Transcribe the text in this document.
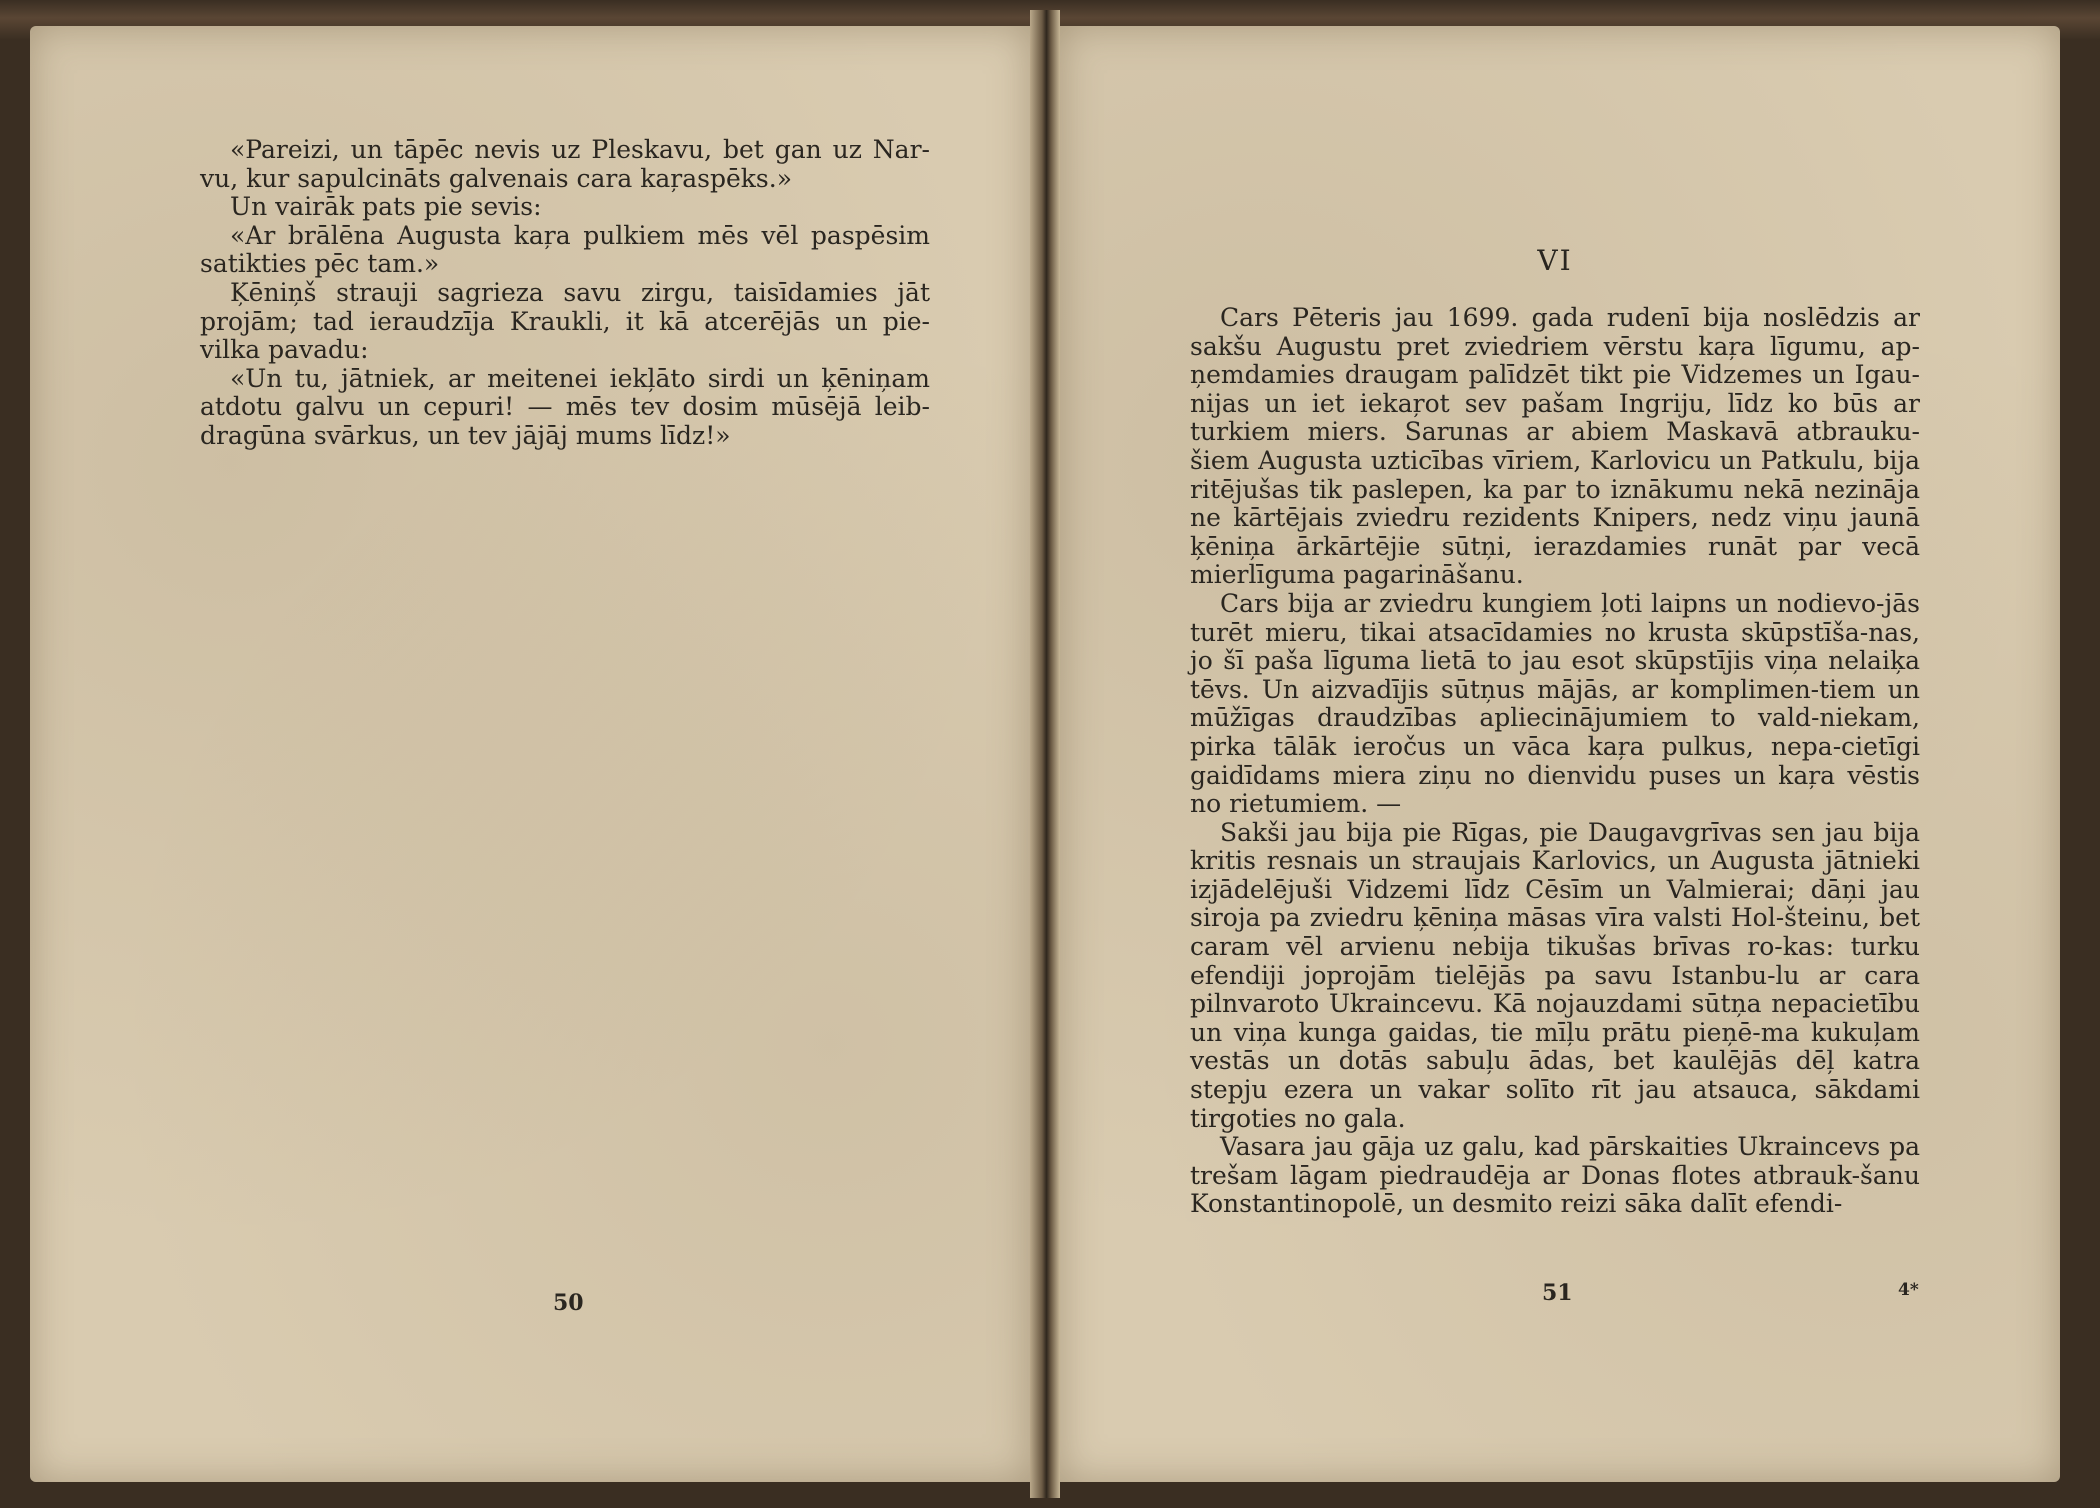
«Pareizi, un tāpēc nevis uz Pleskavu, bet gan uz Nar-vu, kur sapulcināts galvenais cara kaŗaspēks.»

Un vairāk pats pie sevis:

«Ar brālēna Augusta kaŗa pulkiem mēs vēl paspēsim satikties pēc tam.»

Ķēniņš strauji sagrieza savu zirgu, taisīdamies jāt projām; tad ieraudzīja Kraukli, it kā atcerējās un pie-vilka pavadu:

«Un tu, jātniek, ar meitenei iekļāto sirdi un ķēniņam atdotu galvu un cepuri! — mēs tev dosim mūsējā leib-dragūna svārkus, un tev jājāj mums līdz!»

50
VI

Cars Pēteris jau 1699. gada rudenī bija noslēdzis ar sakšu Augustu pret zviedriem vērstu kaŗa līgumu, ap-ņemdamies draugam palīdzēt tikt pie Vidzemes un Igau-nijas un iet iekaŗot sev pašam Ingriju, līdz ko būs ar turkiem miers. Sarunas ar abiem Maskavā atbrauku-šiem Augusta uzticības vīriem, Karlovicu un Patkulu, bija ritējušas tik paslepen, ka par to iznākumu nekā nezināja ne kārtējais zviedru rezidents Knipers, nedz viņu jaunā ķēniņa ārkārtējie sūtņi, ierazdamies runāt par vecā mierlīguma pagarināšanu.

Cars bija ar zviedru kungiem ļoti laipns un nodievo-jās turēt mieru, tikai atsacīdamies no krusta skūpstīša-nas, jo šī paša līguma lietā to jau esot skūpstījis viņa nelaiķa tēvs. Un aizvadījis sūtņus mājās, ar komplimen-tiem un mūžīgas draudzības apliecinājumiem to vald-niekam, pirka tālāk ieročus un vāca kaŗa pulkus, nepa-cietīgi gaidīdams miera ziņu no dienvidu puses un kaŗa vēstis no rietumiem. —

Sakši jau bija pie Rīgas, pie Daugavgrīvas sen jau bija kritis resnais un straujais Karlovics, un Augusta jātnieki izjādelējuši Vidzemi līdz Cēsīm un Valmierai; dāņi jau siroja pa zviedru ķēniņa māsas vīra valsti Hol-šteinu, bet caram vēl arvienu nebija tikušas brīvas ro-kas: turku efendiji joprojām tielējās pa savu Istanbu-lu ar cara pilnvaroto Ukraincevu. Kā nojauzdami sūtņa nepacietību un viņa kunga gaidas, tie mīļu prātu pieņē-ma kukuļam vestās un dotās sabuļu ādas, bet kaulējās dēļ katra stepju ezera un vakar solīto rīt jau atsauca, sākdami tirgoties no gala.

Vasara jau gāja uz galu, kad pārskaities Ukraincevs pa trešam lāgam piedraudēja ar Donas flotes atbrauk-šanu Konstantinopolē, un desmito reizi sāka dalīt efendi-

51	4*
